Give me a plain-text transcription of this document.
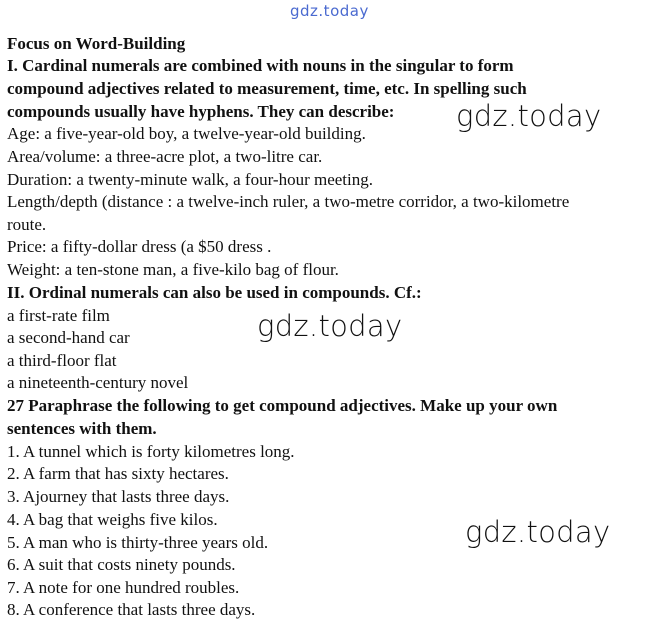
gdz.today
Focus on Word-Building
I. Cardinal numerals are combined with nouns in the singular to form
compound adjectives related to measurement, time, etc. In spelling such
compounds usually have hyphens. They can describe: gdz.today
Age: a five-year-old boy, a twelve-year-old building.
Area/volume: a three-acre plot, a two-litre car.
Duration: a twenty-minute walk, a four-hour meeting.
Length/depth (distance : a twelve-inch ruler, a two-metre corridor, a two-kilometre
route.
Price: a fifty-dollar dress (a $50 dress .
Weight: a ten-stone man, a five-kilo bag of flour.
II. Ordinal numerals can also be used in compounds. Cf.:
a first-rate film
a second-hand car
a third-floor flat
a nineteenth-century novel
gdz.today
27 Paraphrase the following to get compound adjectives. Make up your own
sentences with them.
1. A tunnel which is forty kilometres long.
2. A farm that has sixty hectares.
3. Ajourney that lasts three days.
4. A bag that weighs five kilos.
5. A man who is thirty-three years old.
6. A suit that costs ninety pounds.
7. A note for one hundred roubles.
8. A conference that lasts three days.
gdz.today
